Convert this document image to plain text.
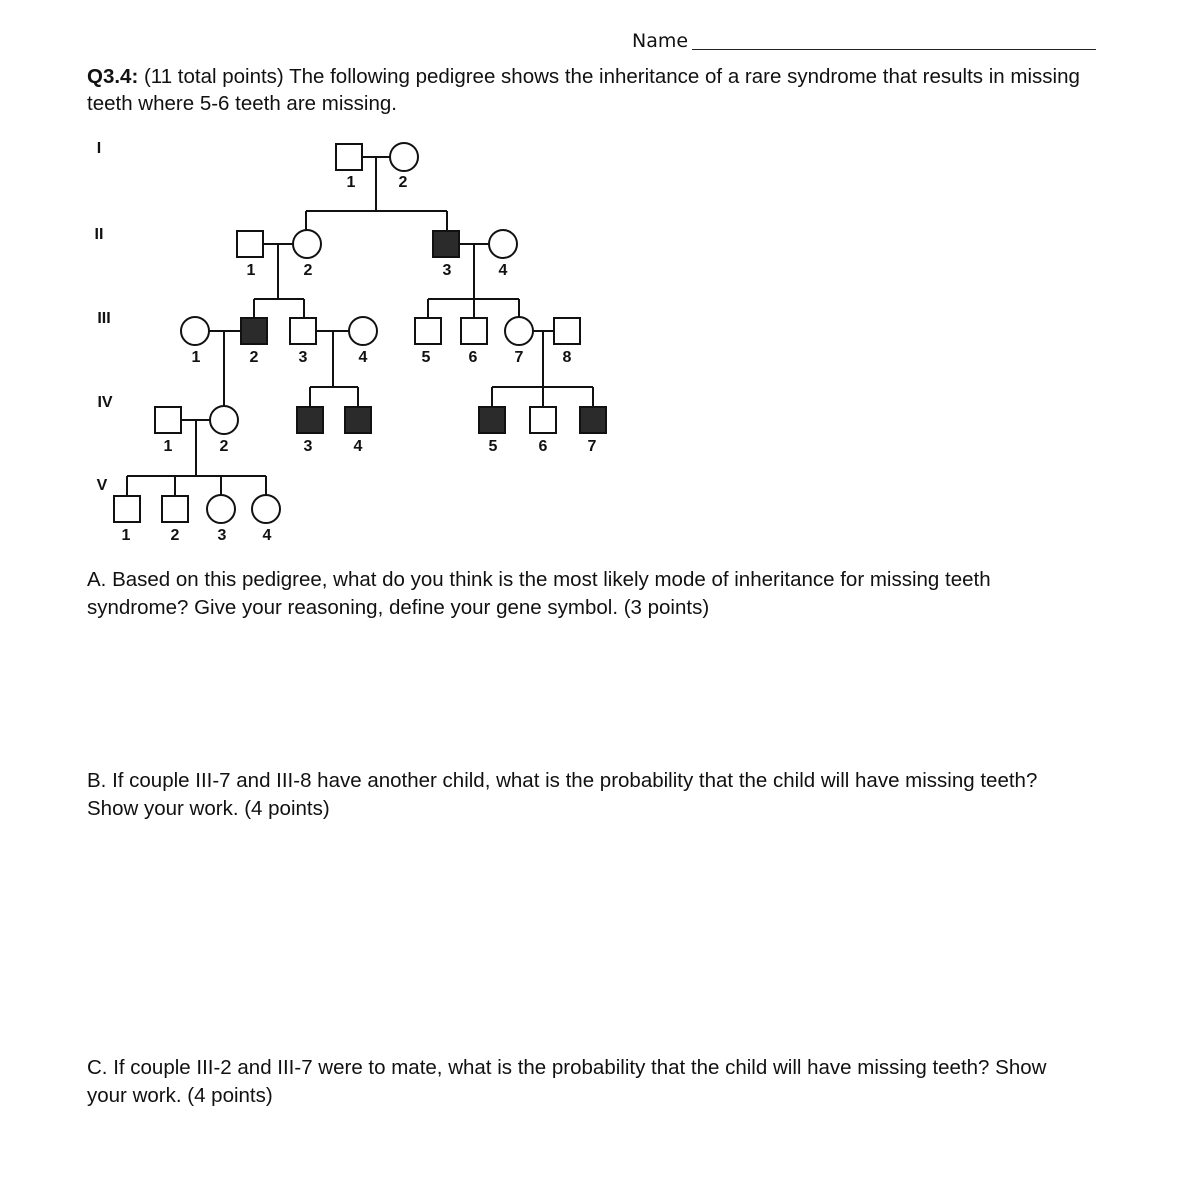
Name
Q3.4: (11 total points) The following pedigree shows the inheritance of a rare syndrome that results in missing teeth where 5-6 teeth are missing.
I
II
III
IV
V
1	2
1	2	3	4
1	2	3	4	5 6 7 8
1	2	3	4	5	6	7
1	2 3 4
A. Based on this pedigree, what do you think is the most likely mode of inheritance for missing teeth syndrome? Give your reasoning, define your gene symbol. (3 points)
B. If couple III-7 and III-8 have another child, what is the probability that the child will have missing teeth? Show your work. (4 points)
C. If couple III-2 and III-7 were to mate, what is the probability that the child will have missing teeth? Show your work. (4 points)
